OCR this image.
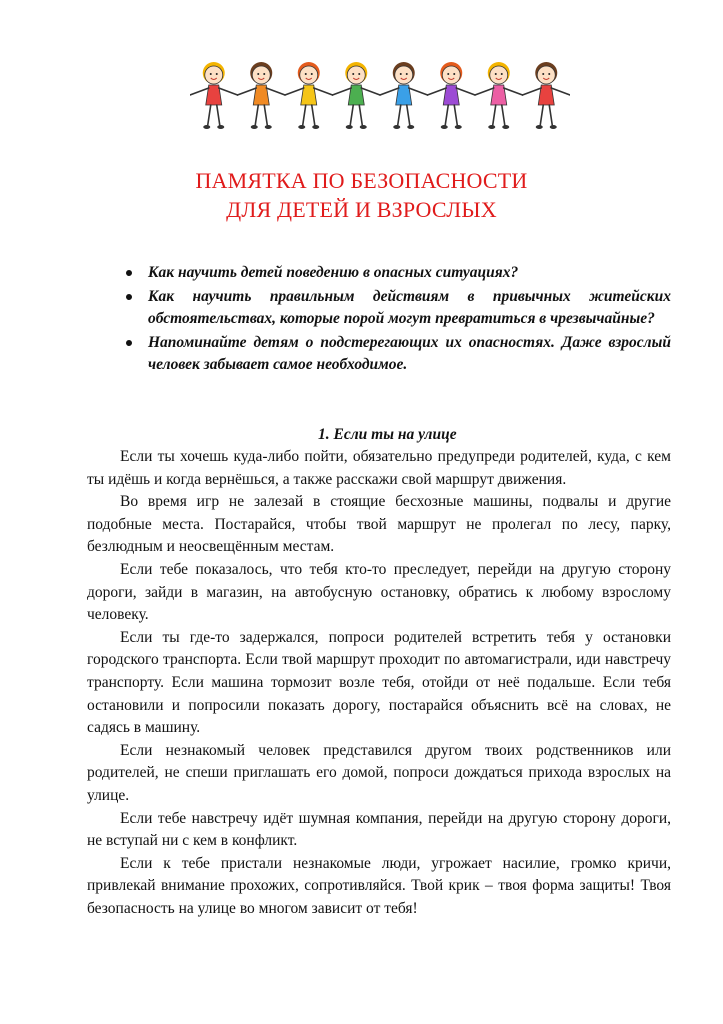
ПАМЯТКА ПО БЕЗОПАСНОСТИ
ДЛЯ ДЕТЕЙ И ВЗРОСЛЫХ
Как научить детей поведению в опасных ситуациях?
Как научить правильным действиям в привычных житейских обстоятельствах, которые порой могут превратиться в чрезвычайные?
Напоминайте детям о подстерегающих их опасностях. Даже взрослый человек забывает самое необходимое.
1. Если ты на улице

Если ты хочешь куда-либо пойти, обязательно предупреди родителей, куда, с кем ты идёшь и когда вернёшься, а также расскажи свой маршрут движения.

Во время игр не залезай в стоящие бесхозные машины, подвалы и другие подобные места. Постарайся, чтобы твой маршрут не пролегал по лесу, парку, безлюдным и неосвещённым местам.

Если тебе показалось, что тебя кто-то преследует, перейди на другую сторону дороги, зайди в магазин, на автобусную остановку, обратись к любому взрослому человеку.

Если ты где-то задержался, попроси родителей встретить тебя у остановки городского транспорта. Если твой маршрут проходит по автомагистрали, иди навстречу транспорту. Если машина тормозит возле тебя, отойди от неё подальше. Если тебя остановили и попросили показать дорогу, постарайся объяснить всё на словах, не садясь в машину.

Если незнакомый человек представился другом твоих родственников или родителей, не спеши приглашать его домой, попроси дождаться прихода взрослых на улице.

Если тебе навстречу идёт шумная компания, перейди на другую сторону дороги, не вступай ни с кем в конфликт.

Если к тебе пристали незнакомые люди, угрожает насилие, громко кричи, привлекай внимание прохожих, сопротивляйся. Твой крик – твоя форма защиты! Твоя безопасность на улице во многом зависит от тебя!
